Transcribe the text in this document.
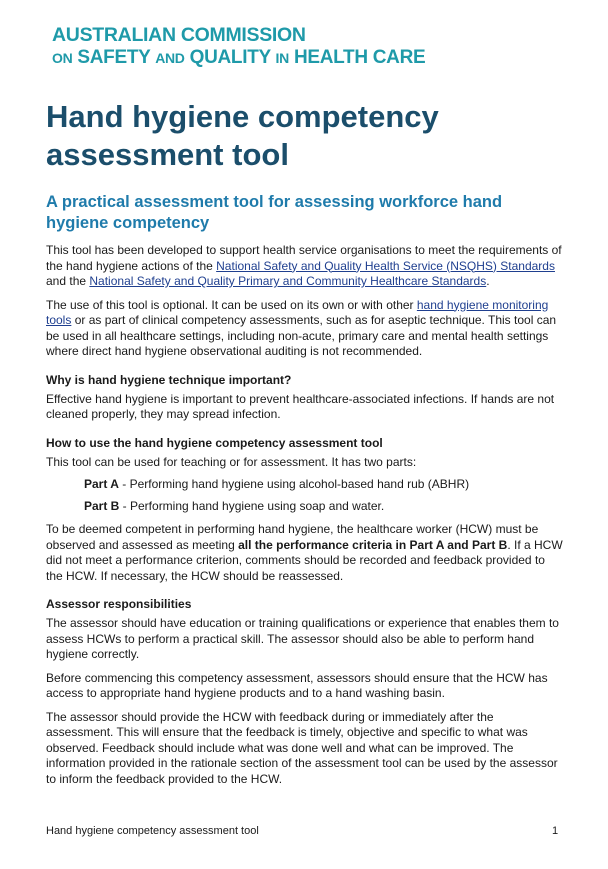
AUSTRALIAN COMMISSION
ON SAFETY AND QUALITY IN HEALTH CARE
Hand hygiene competency assessment tool
A practical assessment tool for assessing workforce hand hygiene competency

This tool has been developed to support health service organisations to meet the requirements of the hand hygiene actions of the National Safety and Quality Health Service (NSQHS) Standards and the National Safety and Quality Primary and Community Healthcare Standards.

The use of this tool is optional. It can be used on its own or with other hand hygiene monitoring tools or as part of clinical competency assessments, such as for aseptic technique. This tool can be used in all healthcare settings, including non-acute, primary care and mental health settings where direct hand hygiene observational auditing is not recommended.

Why is hand hygiene technique important?

Effective hand hygiene is important to prevent healthcare-associated infections. If hands are not cleaned properly, they may spread infection.

How to use the hand hygiene competency assessment tool

This tool can be used for teaching or for assessment. It has two parts:

Part A - Performing hand hygiene using alcohol-based hand rub (ABHR)
Part B - Performing hand hygiene using soap and water.

To be deemed competent in performing hand hygiene, the healthcare worker (HCW) must be observed and assessed as meeting all the performance criteria in Part A and Part B. If a HCW did not meet a performance criterion, comments should be recorded and feedback provided to the HCW. If necessary, the HCW should be reassessed.

Assessor responsibilities

The assessor should have education or training qualifications or experience that enables them to assess HCWs to perform a practical skill. The assessor should also be able to perform hand hygiene correctly.

Before commencing this competency assessment, assessors should ensure that the HCW has access to appropriate hand hygiene products and to a hand washing basin.

The assessor should provide the HCW with feedback during or immediately after the assessment. This will ensure that the feedback is timely, objective and specific to what was observed. Feedback should include what was done well and what can be improved. The information provided in the rationale section of the assessment tool can be used by the assessor to inform the feedback provided to the HCW.

Hand hygiene competency assessment tool	1
